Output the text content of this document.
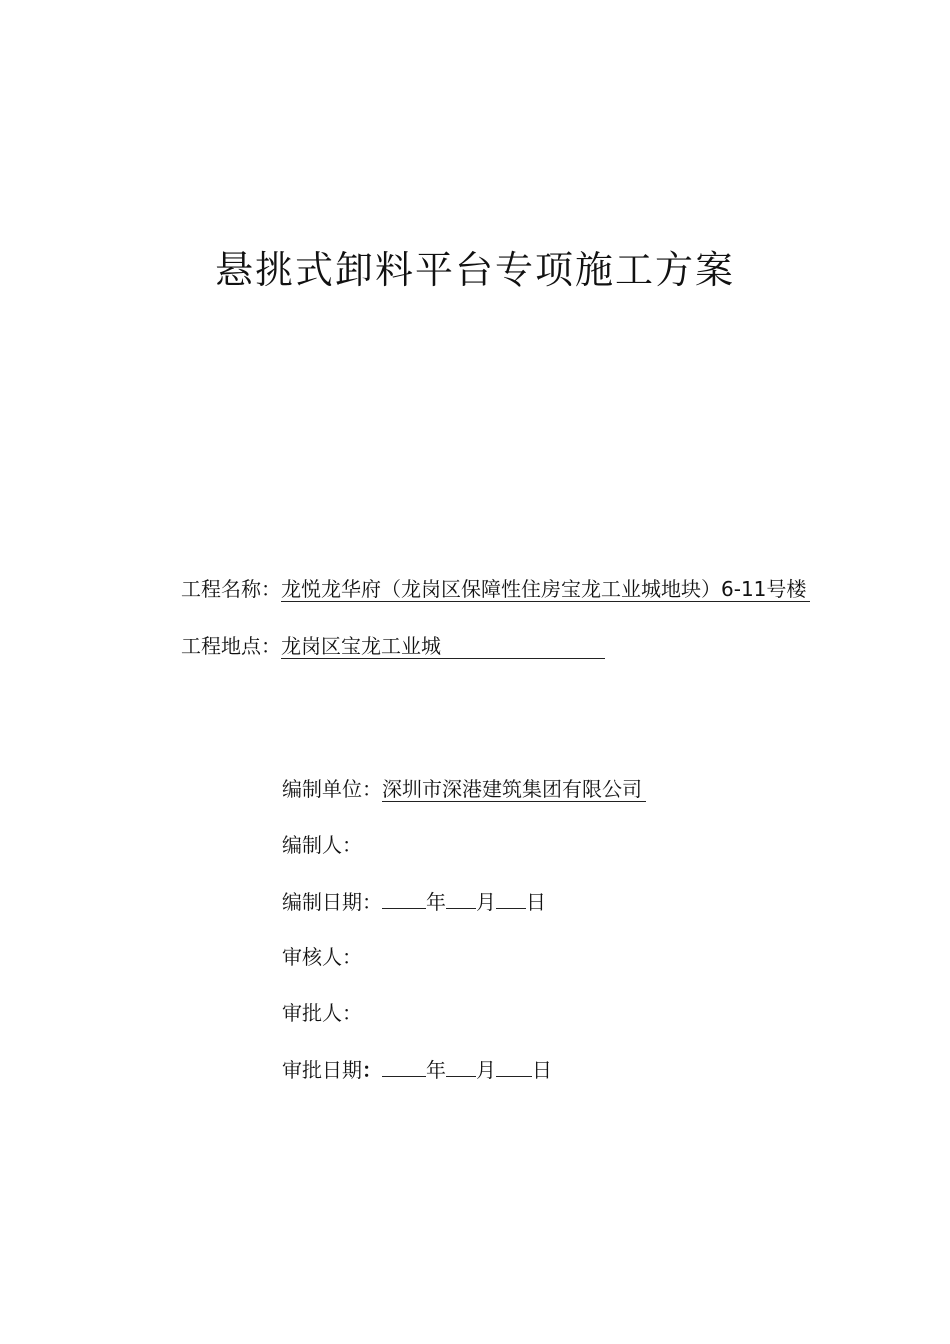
悬挑式卸料平台专项施工方案
工程名称：龙悦龙华府（龙岗区保障性住房宝龙工业城地块）6-11号楼
工程地点：龙岗区宝龙工业城
编制单位：深圳市深港建筑集团有限公司
编制人：
编制日期： 年 月 日
审核人：
审批人：
审批日期： 年 月 日
